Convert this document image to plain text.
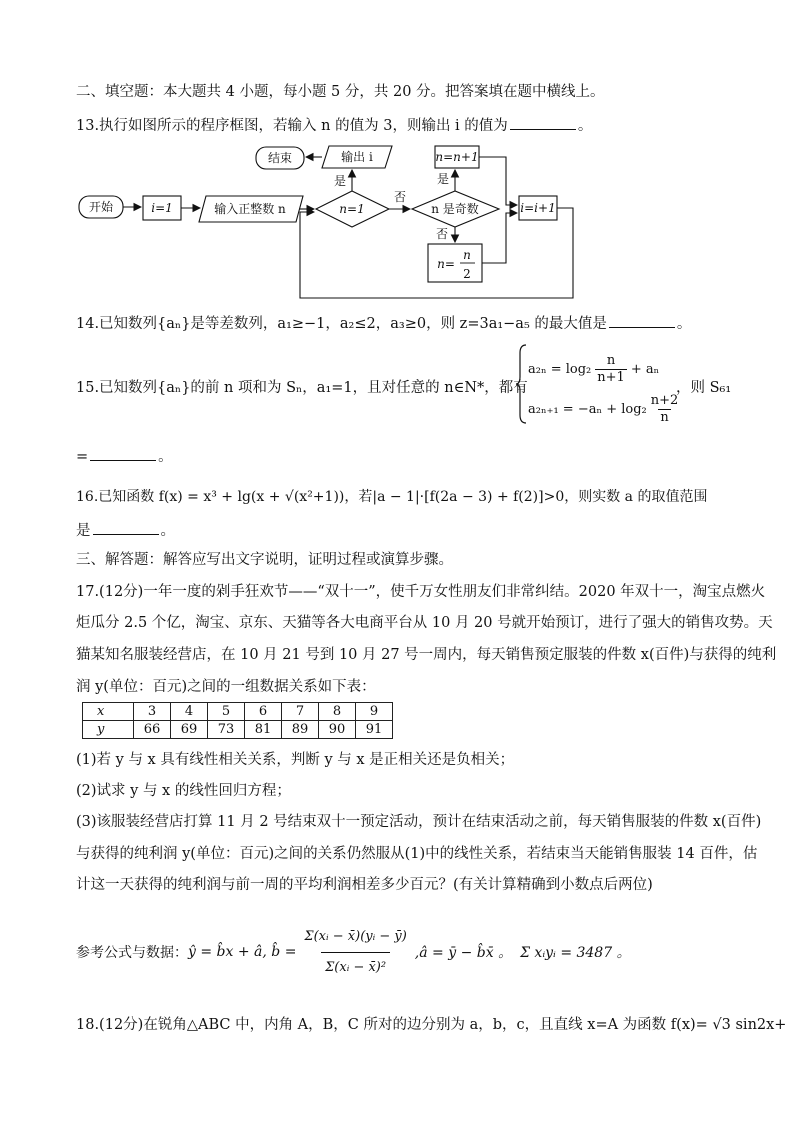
二、填空题：本大题共 4 小题，每小题 5 分，共 20 分。把答案填在题中横线上。
13.执行如图所示的程序框图，若输入 n 的值为 3，则输出 i 的值为	。
开始	i=1	输入正整数 n	n=1	n 是奇数
输出 i
结束	n=n+1
n=
n
2
i=i+1
是
否
是
否
14.已知数列{aₙ}是等差数列，a₁≥−1，a₂≤2，a₃≥0，则 z=3a₁−a₅ 的最大值是	。
15.已知数列{aₙ}的前 n 项和为 Sₙ，a₁=1，且对任意的 n∈N*，都有
$a_{2n} = \log_2 \frac{n}{n+1} + a_n$
$a_{2n+1} = -a_n + \log_2 \frac{n+2}{n}$
，则 S₆₁
=	。
16.已知函数 f(x) = x³ + lg(x + √(x²+1))，若|a − 1|·[f(2a − 3) + f(2)]>0，则实数 a 的取值范围
是	。
三、解答题：解答应写出文字说明，证明过程或演算步骤。
17.(12分)一年一度的剁手狂欢节——“双十一”，使千万女性朋友们非常纠结。2020 年双十一，淘宝点燃火
炬瓜分 2.5 个亿，淘宝、京东、天猫等各大电商平台从 10 月 20 号就开始预订，进行了强大的销售攻势。天
猫某知名服装经营店，在 10 月 21 号到 10 月 27 号一周内，每天销售预定服装的件数 x(百件)与获得的纯利
润 y(单位：百元)之间的一组数据关系如下表：
x	3	4	5	6	7	8	9
y	66	69	73	81	89	90	91
(1)若 y 与 x 具有线性相关关系，判断 y 与 x 是正相关还是负相关；
(2)试求 y 与 x 的线性回归方程；
(3)该服装经营店打算 11 月 2 号结束双十一预定活动，预计在结束活动之前，每天销售服装的件数 x(百件)
与获得的纯利润 y(单位：百元)之间的关系仍然服从(1)中的线性关系，若结束当天能销售服装 14 百件，估
计这一天获得的纯利润与前一周的平均利润相差多少百元？(有关计算精确到小数点后两位)
参考公式与数据： ŷ = b̂x + â, b̂ = $\frac{\text{Σ(xᵢ − x̄)(yᵢ − ȳ)}}{\text{Σ(xᵢ − x̄)²}}$ ,â = ȳ − b̂x̄ 。 Σ xᵢyᵢ = 3487 。
18.(12分)在锐角△ABC 中，内角 A，B，C 所对的边分别为 a，b，c，且直线 x=A 为函数 f(x)= √3 sin2x+
